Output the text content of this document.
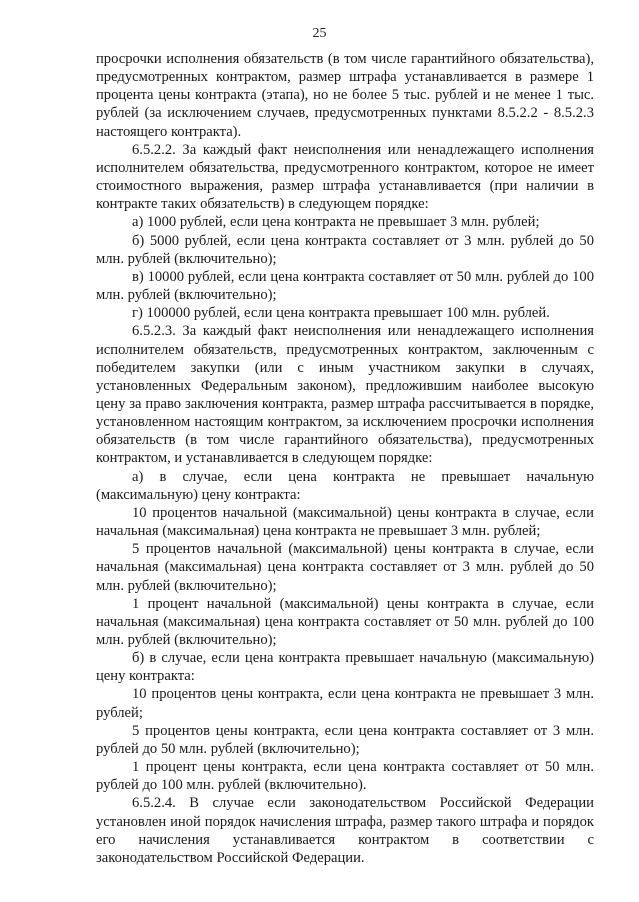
25

просрочки исполнения обязательств (в том числе гарантийного обязательства), предусмотренных контрактом, размер штрафа устанавливается в размере 1 процента цены контракта (этапа), но не более 5 тыс. рублей и не менее 1 тыс. рублей (за исключением случаев, предусмотренных пунктами 8.5.2.2 - 8.5.2.3 настоящего контракта).

6.5.2.2. За каждый факт неисполнения или ненадлежащего исполнения исполнителем обязательства, предусмотренного контрактом, которое не имеет стоимостного выражения, размер штрафа устанавливается (при наличии в контракте таких обязательств) в следующем порядке:

а) 1000 рублей, если цена контракта не превышает 3 млн. рублей;

б) 5000 рублей, если цена контракта составляет от 3 млн. рублей до 50 млн. рублей (включительно);

в) 10000 рублей, если цена контракта составляет от 50 млн. рублей до 100 млн. рублей (включительно);

г) 100000 рублей, если цена контракта превышает 100 млн. рублей.

6.5.2.3. За каждый факт неисполнения или ненадлежащего исполнения исполнителем обязательств, предусмотренных контрактом, заключенным с победителем закупки (или с иным участником закупки в случаях, установленных Федеральным законом), предложившим наиболее высокую цену за право заключения контракта, размер штрафа рассчитывается в порядке, установленном настоящим контрактом, за исключением просрочки исполнения обязательств (в том числе гарантийного обязательства), предусмотренных контрактом, и устанавливается в следующем порядке:

а) в случае, если цена контракта не превышает начальную (максимальную) цену контракта:

10 процентов начальной (максимальной) цены контракта в случае, если начальная (максимальная) цена контракта не превышает 3 млн. рублей;

5 процентов начальной (максимальной) цены контракта в случае, если начальная (максимальная) цена контракта составляет от 3 млн. рублей до 50 млн. рублей (включительно);

1 процент начальной (максимальной) цены контракта в случае, если начальная (максимальная) цена контракта составляет от 50 млн. рублей до 100 млн. рублей (включительно);

б) в случае, если цена контракта превышает начальную (максимальную) цену контракта:

10 процентов цены контракта, если цена контракта не превышает 3 млн. рублей;

5 процентов цены контракта, если цена контракта составляет от 3 млн. рублей до 50 млн. рублей (включительно);

1 процент цены контракта, если цена контракта составляет от 50 млн. рублей до 100 млн. рублей (включительно).

6.5.2.4. В случае если законодательством Российской Федерации установлен иной порядок начисления штрафа, размер такого штрафа и порядок его начисления устанавливается контрактом в соответствии с законодательством Российской Федерации.
